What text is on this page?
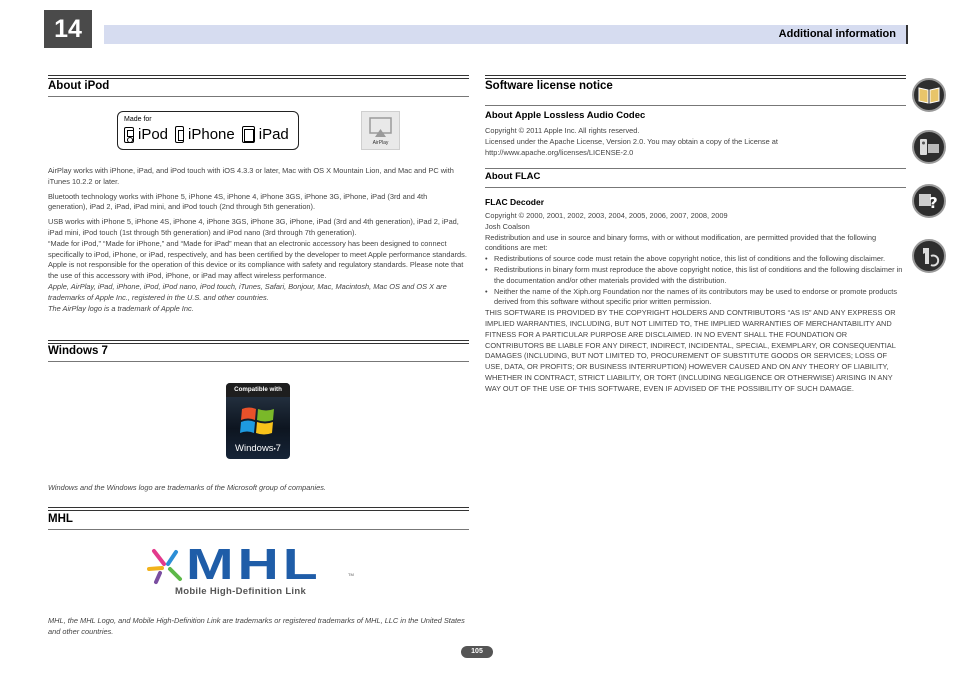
14	Additional information
About iPod
Made for
iPod iPhone iPad	AirPlay

AirPlay works with iPhone, iPad, and iPod touch with iOS 4.3.3 or later, Mac with OS X Mountain Lion, and Mac and PC with iTunes 10.2.2 or later.

Bluetooth technology works with iPhone 5, iPhone 4S, iPhone 4, iPhone 3GS, iPhone 3G, iPhone, iPad (3rd and 4th generation), iPad 2, iPad, iPad mini, and iPod touch (2nd through 5th generation).

USB works with iPhone 5, iPhone 4S, iPhone 4, iPhone 3GS, iPhone 3G, iPhone, iPad (3rd and 4th generation), iPad 2, iPad, iPad mini, iPod touch (1st through 5th generation) and iPod nano (3rd through 7th generation).

“Made for iPod,” “Made for iPhone,” and “Made for iPad” mean that an electronic accessory has been designed to connect specifically to iPod, iPhone, or iPad, respectively, and has been certified by the developer to meet Apple performance standards. Apple is not responsible for the operation of this device or its compliance with safety and regulatory standards. Please note that the use of this accessory with iPod, iPhone, or iPad may affect wireless performance.

Apple, AirPlay, iPad, iPhone, iPod, iPod nano, iPod touch, iTunes, Safari, Bonjour, Mac, Macintosh, Mac OS and OS X are trademarks of Apple Inc., registered in the U.S. and other countries.

The AirPlay logo is a trademark of Apple Inc.

Windows 7
Compatible with
Windows•7

Windows and the Windows logo are trademarks of the Microsoft group of companies.

MHL
MHL	TM
Mobile High-Definition Link

MHL, the MHL Logo, and Mobile High-Definition Link are trademarks or registered trademarks of MHL, LLC in the United States and other countries.

Software license notice
About Apple Lossless Audio Codec

Copyright © 2011 Apple Inc. All rights reserved.

Licensed under the Apache License, Version 2.0. You may obtain a copy of the License at

http://www.apache.org/licenses/LICENSE-2.0

About FLAC
FLAC Decoder

Copyright © 2000, 2001, 2002, 2003, 2004, 2005, 2006, 2007, 2008, 2009

Josh Coalson

Redistribution and use in source and binary forms, with or without modification, are permitted provided that the following conditions are met:

• Redistributions of source code must retain the above copyright notice, this list of conditions and the following disclaimer.
• Redistributions in binary form must reproduce the above copyright notice, this list of conditions and the following disclaimer in the documentation and/or other materials provided with the distribution.
• Neither the name of the Xiph.org Foundation nor the names of its contributors may be used to endorse or promote products derived from this software without specific prior written permission.

THIS SOFTWARE IS PROVIDED BY THE COPYRIGHT HOLDERS AND CONTRIBUTORS “AS IS” AND ANY EXPRESS OR IMPLIED WARRANTIES, INCLUDING, BUT NOT LIMITED TO, THE IMPLIED WARRANTIES OF MERCHANTABILITY AND FITNESS FOR A PARTICULAR PURPOSE ARE DISCLAIMED. IN NO EVENT SHALL THE FOUNDATION OR CONTRIBUTORS BE LIABLE FOR ANY DIRECT, INDIRECT, INCIDENTAL, SPECIAL, EXEMPLARY, OR CONSEQUENTIAL DAMAGES (INCLUDING, BUT NOT LIMITED TO, PROCUREMENT OF SUBSTITUTE GOODS OR SERVICES; LOSS OF USE, DATA, OR PROFITS; OR BUSINESS INTERRUPTION) HOWEVER CAUSED AND ON ANY THEORY OF LIABILITY, WHETHER IN CONTRACT, STRICT LIABILITY, OR TORT (INCLUDING NEGLIGENCE OR OTHERWISE) ARISING IN ANY WAY OUT OF THE USE OF THIS SOFTWARE, EVEN IF ADVISED OF THE POSSIBILITY OF SUCH DAMAGE.

?
105
